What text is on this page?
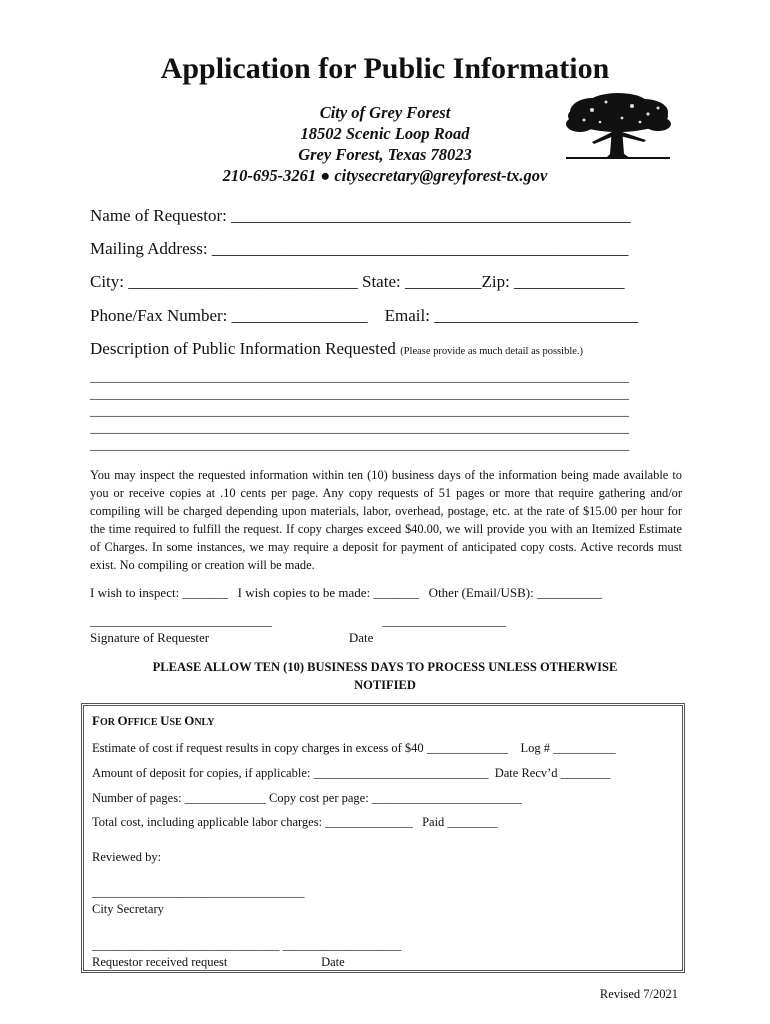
Application for Public Information
City of Grey Forest
18502 Scenic Loop Road
Grey Forest, Texas 78023
210-695-3261 ● citysecretary@greyforest-tx.gov
Name of Requestor: _______________________________________________
Mailing Address: _________________________________________________
City: ___________________________ State: _________Zip: _____________
Phone/Fax Number: ________________    Email: ________________________
Description of Public Information Requested (Please provide as much detail as possible.)
_____________________________________________________________________________
_____________________________________________________________________________
_____________________________________________________________________________
_____________________________________________________________________________
_____________________________________________________________________________
You may inspect the requested information within ten (10) business days of the information being made available to you or receive copies at .10 cents per page. Any copy requests of 51 pages or more that require gathering and/or compiling will be charged depending upon materials, labor, overhead, postage, etc. at the rate of $15.00 per hour for the time required to fulfill the request. If copy charges exceed $40.00, we will provide you with an Itemized Estimate of Charges. In some instances, we may require a deposit for payment of anticipated copy costs. Active records must exist. No compiling or creation will be made.
I wish to inspect: _______   I wish copies to be made: _______   Other (Email/USB): __________
____________________________                                  ___________________
Signature of Requester                                           Date
PLEASE ALLOW TEN (10) BUSINESS DAYS TO PROCESS UNLESS OTHERWISE
NOTIFIED
FOR OFFICE USE ONLY
Estimate of cost if request results in copy charges in excess of $40 _____________    Log # __________
Amount of deposit for copies, if applicable: ____________________________  Date Recv’d ________
Number of pages: _____________ Copy cost per page: ________________________
Total cost, including applicable labor charges: ______________   Paid ________
Reviewed by:
__________________________________
City Secretary
______________________________ ___________________
Requestor received request                              Date
Revised 7/2021
